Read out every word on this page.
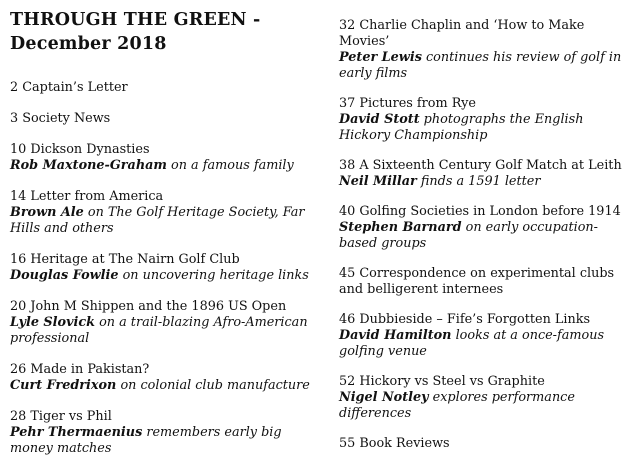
THROUGH THE GREEN -
December 2018
2 Captain’s Letter
3 Society News
10 Dickson Dynasties
Rob Maxtone-Graham on a famous family
14 Letter from America
Brown Ale on The Golf Heritage Society, Far Hills and others
16 Heritage at The Nairn Golf Club
Douglas Fowlie on uncovering heritage links
20 John M Shippen and the 1896 US Open
Lyle Slovick on a trail-blazing Afro-American professional
26 Made in Pakistan?
Curt Fredrixon on colonial club manufacture
28 Tiger vs Phil
Pehr Thermaenius remembers early big money matches
32 Charlie Chaplin and ‘How to Make Movies’
Peter Lewis continues his review of golf in early films
37 Pictures from Rye
David Stott photographs the English Hickory Championship
38 A Sixteenth Century Golf Match at Leith
Neil Millar finds a 1591 letter
40 Golfing Societies in London before 1914
Stephen Barnard on early occupation-based groups
45 Correspondence on experimental clubs and belligerent internees
46 Dubbieside – Fife’s Forgotten Links
David Hamilton looks at a once-famous golfing venue
52 Hickory vs Steel vs Graphite
Nigel Notley explores performance differences
55 Book Reviews
